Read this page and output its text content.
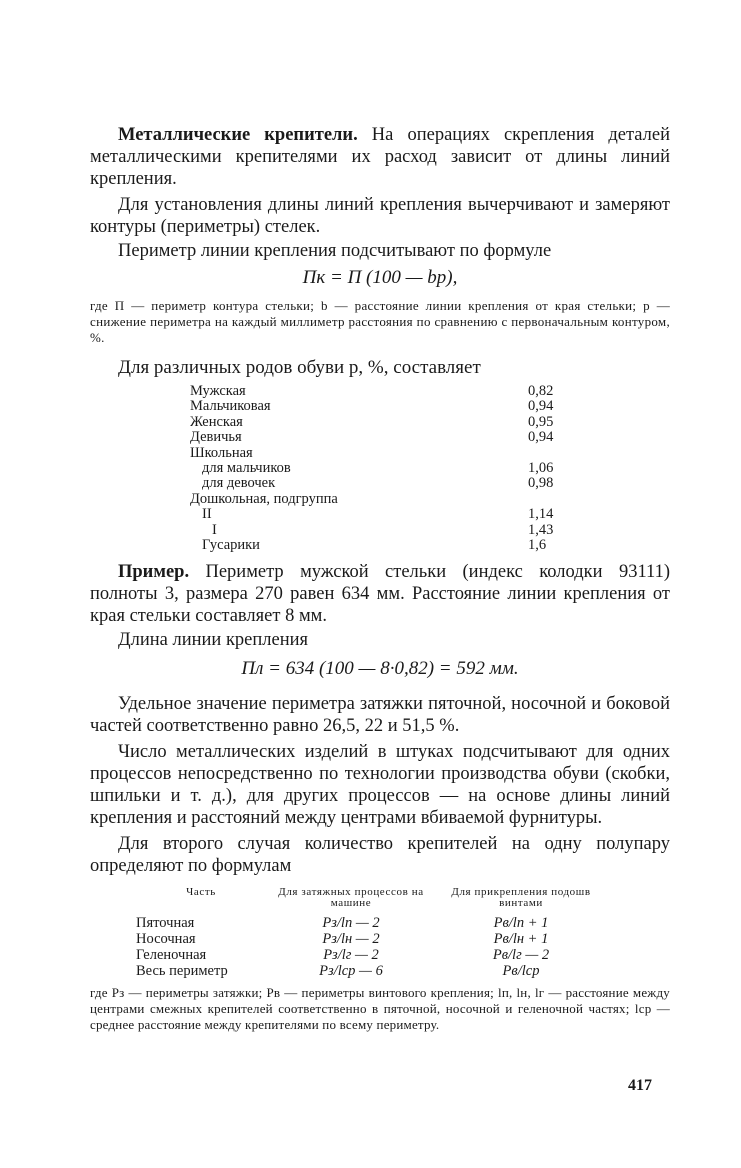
Металлические крепители. На операциях скрепления деталей металлическими крепителями их расход зависит от длины линий крепления.

Для установления длины линий крепления вычерчивают и замеряют контуры (периметры) стелек.

Периметр линии крепления подсчитывают по формуле

Пк = П (100 — bp),

где П — периметр контура стельки; b — расстояние линии крепления от края стельки; p — снижение периметра на каждый миллиметр расстояния по сравнению с первоначальным контуром, %.

Для различных родов обуви p, %, составляет

Мужская	0,82
Мальчиковая	0,94
Женская	0,95
Девичья	0,94
Школьная	
для мальчиков	1,06
для девочек	0,98
Дошкольная, подгруппа	
II	1,14
I	1,43
Гусарики	1,6

Пример. Периметр мужской стельки (индекс колодки 93111) полноты 3, размера 270 равен 634 мм. Расстояние линии крепления от края стельки составляет 8 мм.

Длина линии крепления

Пл = 634 (100 — 8·0,82) = 592 мм.

Удельное значение периметра затяжки пяточной, носочной и боковой частей соответственно равно 26,5, 22 и 51,5 %.

Число металлических изделий в штуках подсчитывают для одних процессов непосредственно по технологии производства обуви (скобки, шпильки и т. д.), для других процессов — на основе длины линий крепления и расстояний между центрами вбиваемой фурнитуры.

Для второго случая количество крепителей на одну полупару определяют по формулам

Часть	Для затяжных процессов на машине	Для прикрепления подошв винтами
Пяточная	Pз/lп — 2	Pв/lп + 1
Носочная	Pз/lн — 2	Pв/lн + 1
Геленочная	Pз/lг — 2	Pв/lг — 2
Весь периметр	Pз/lср — 6	Pв/lср

где Pз — периметры затяжки; Pв — периметры винтового крепления; lп, lн, lг — расстояние между центрами смежных крепителей соответственно в пяточной, носочной и геленочной частях; lср — среднее расстояние между крепителями по всему периметру.

417
